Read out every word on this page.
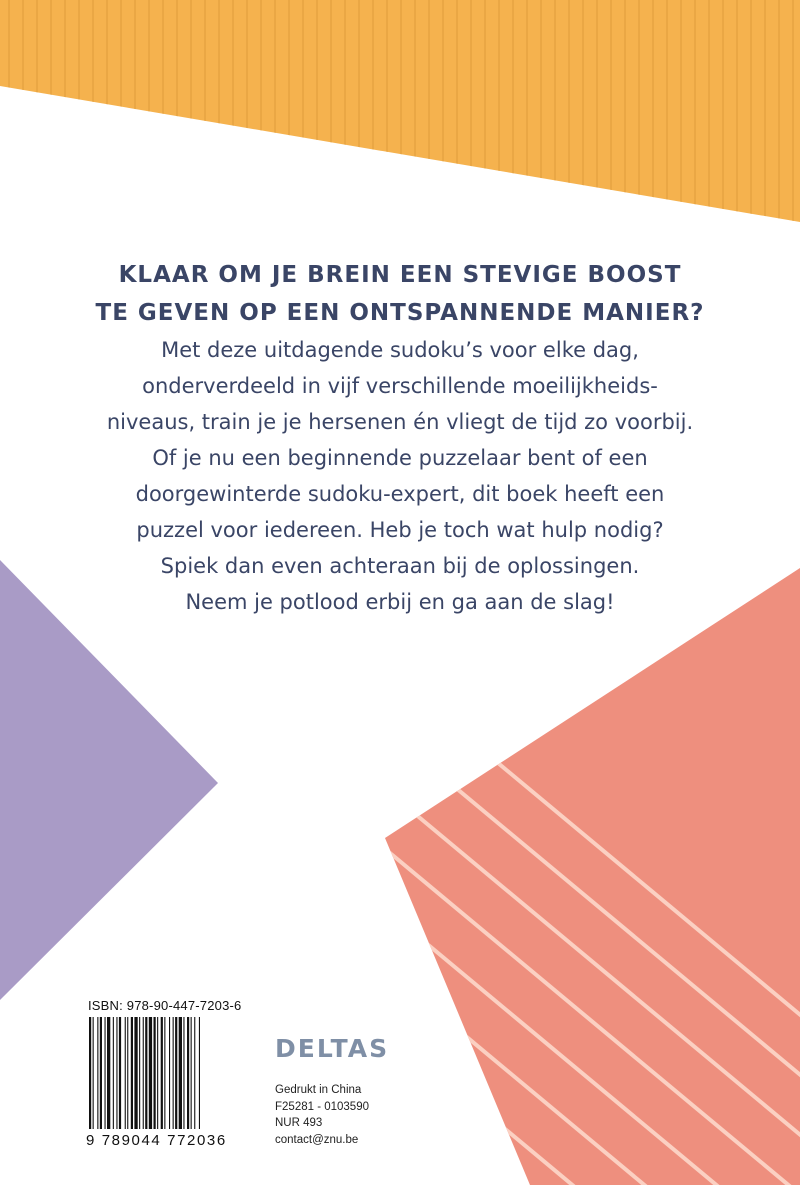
KLAAR OM JE BREIN EEN STEVIGE BOOST
TE GEVEN OP EEN ONTSPANNENDE MANIER?
Met deze uitdagende sudoku’s voor elke dag,
onderverdeeld in vijf verschillende moeilijkheids-
niveaus, train je je hersenen én vliegt de tijd zo voorbij.
Of je nu een beginnende puzzelaar bent of een
doorgewinterde sudoku-expert, dit boek heeft een
puzzel voor iedereen. Heb je toch wat hulp nodig?
Spiek dan even achteraan bij de oplossingen.
Neem je potlood erbij en ga aan de slag!
ISBN: 978-90-447-7203-6
9 789044 772036
DELTAS
Gedrukt in China
F25281 - 0103590
NUR 493
contact@znu.be
